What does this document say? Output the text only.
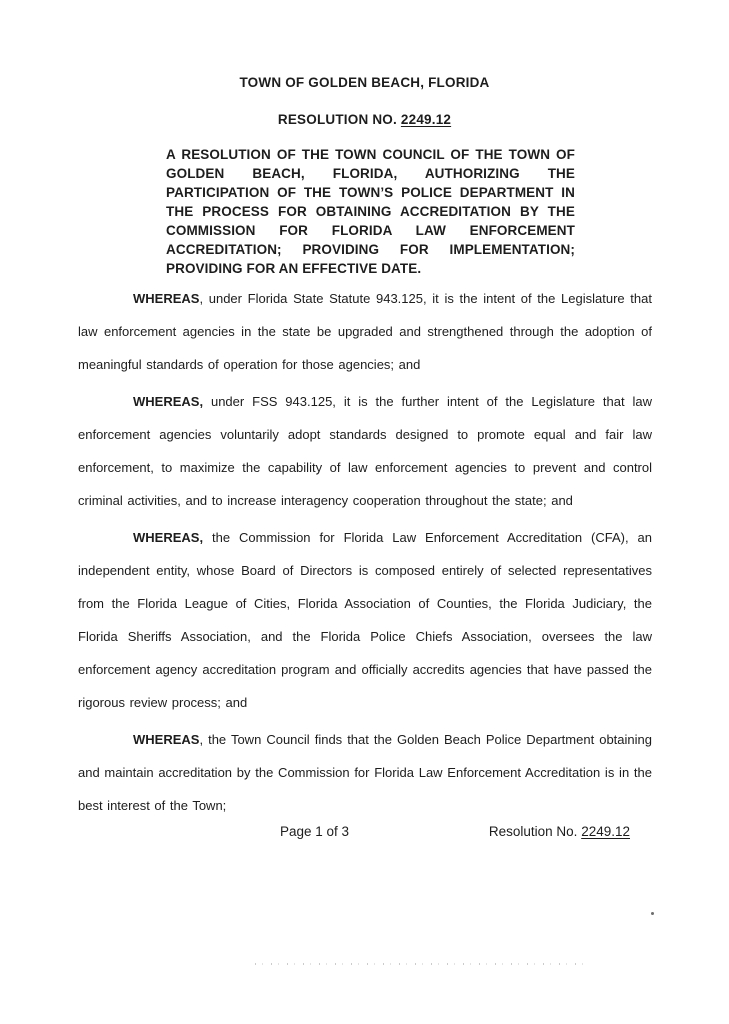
TOWN OF GOLDEN BEACH, FLORIDA
RESOLUTION NO. 2249.12

A RESOLUTION OF THE TOWN COUNCIL OF THE TOWN OF GOLDEN BEACH, FLORIDA, AUTHORIZING THE PARTICIPATION OF THE TOWN’S POLICE DEPARTMENT IN THE PROCESS FOR OBTAINING ACCREDITATION BY THE COMMISSION FOR FLORIDA LAW ENFORCEMENT ACCREDITATION; PROVIDING FOR IMPLEMENTATION; PROVIDING FOR AN EFFECTIVE DATE.

WHEREAS, under Florida State Statute 943.125, it is the intent of the Legislature that law enforcement agencies in the state be upgraded and strengthened through the adoption of meaningful standards of operation for those agencies; and

WHEREAS, under FSS 943.125, it is the further intent of the Legislature that law enforcement agencies voluntarily adopt standards designed to promote equal and fair law enforcement, to maximize the capability of law enforcement agencies to prevent and control criminal activities, and to increase interagency cooperation throughout the state; and

WHEREAS, the Commission for Florida Law Enforcement Accreditation (CFA), an independent entity, whose Board of Directors is composed entirely of selected representatives from the Florida League of Cities, Florida Association of Counties, the Florida Judiciary, the Florida Sheriffs Association, and the Florida Police Chiefs Association, oversees the law enforcement agency accreditation program and officially accredits agencies that have passed the rigorous review process; and

WHEREAS, the Town Council finds that the Golden Beach Police Department obtaining and maintain accreditation by the Commission for Florida Law Enforcement Accreditation is in the best interest of the Town;

Page 1 of 3	Resolution No. 2249.12
